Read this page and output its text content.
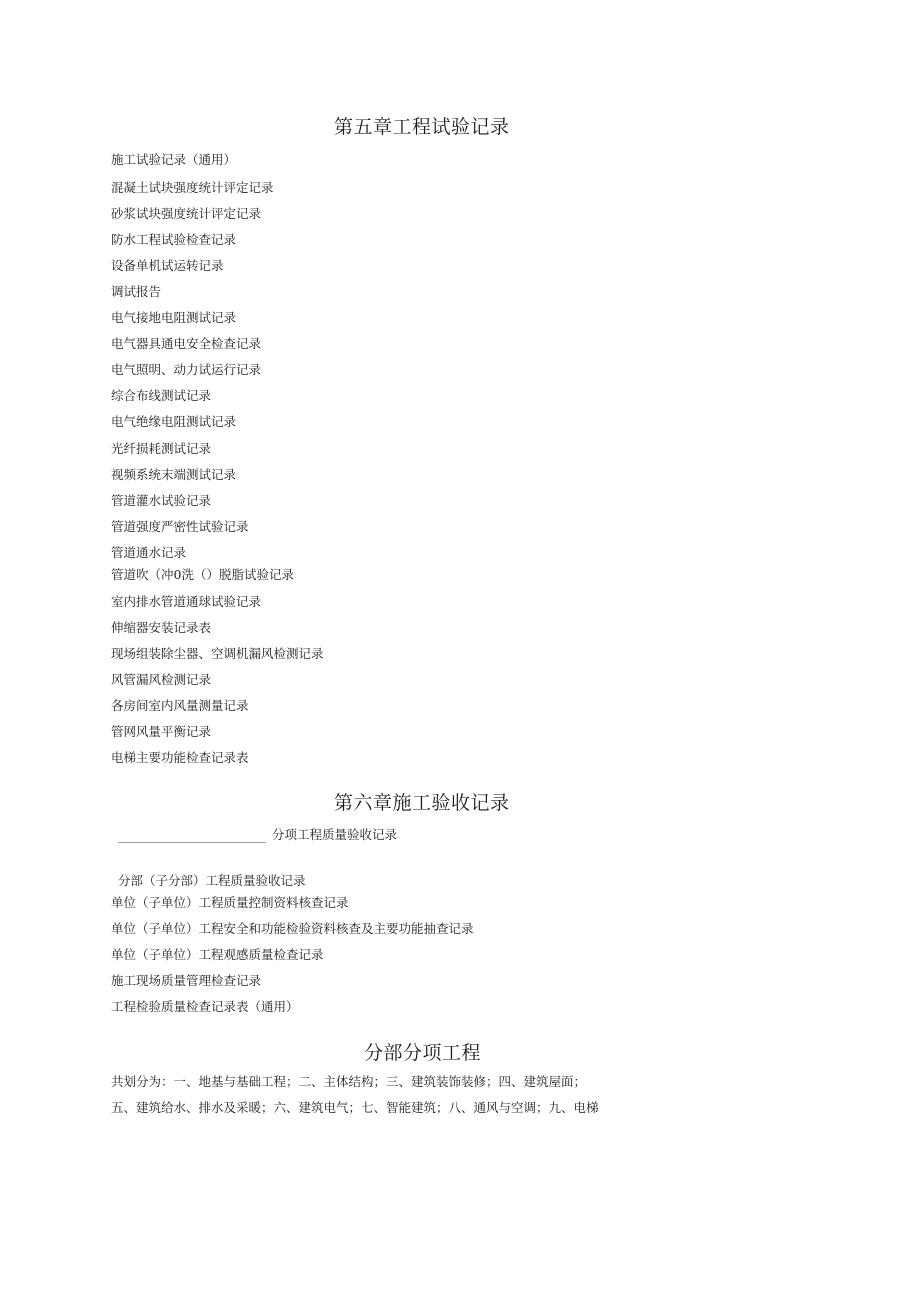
第五章工程试验记录
施工试验记录（通用）
混凝土试块强度统计评定记录
砂浆试块强度统计评定记录
防水工程试验检查记录
设备单机试运转记录
调试报告
电气接地电阻测试记录
电气器具通电安全检查记录
电气照明、动力试运行记录
综合布线测试记录
电气绝缘电阻测试记录
光纤损耗测试记录
视频系统末端测试记录
管道灌水试验记录
管道强度严密性试验记录
管道通水记录
管道吹（冲0洗（）脱脂试验记录
室内排水管道通球试验记录
伸缩器安装记录表
现场组装除尘器、空调机漏风检测记录
风管漏风检测记录
各房间室内风量测量记录
管网风量平衡记录
电梯主要功能检查记录表
第六章施工验收记录
分项工程质量验收记录
分部（子分部）工程质量验收记录
单位（子单位）工程质量控制资料核查记录
单位（子单位）工程安全和功能检验资料核查及主要功能抽查记录
单位（子单位）工程观感质量检查记录
施工现场质量管理检查记录
工程检验质量检查记录表（通用）
分部分项工程
共划分为：一、地基与基础工程；二、主体结构；三、建筑装饰装修；四、建筑屋面；
五、建筑给水、排水及采暖；六、建筑电气；七、智能建筑；八、通风与空调；九、电梯
